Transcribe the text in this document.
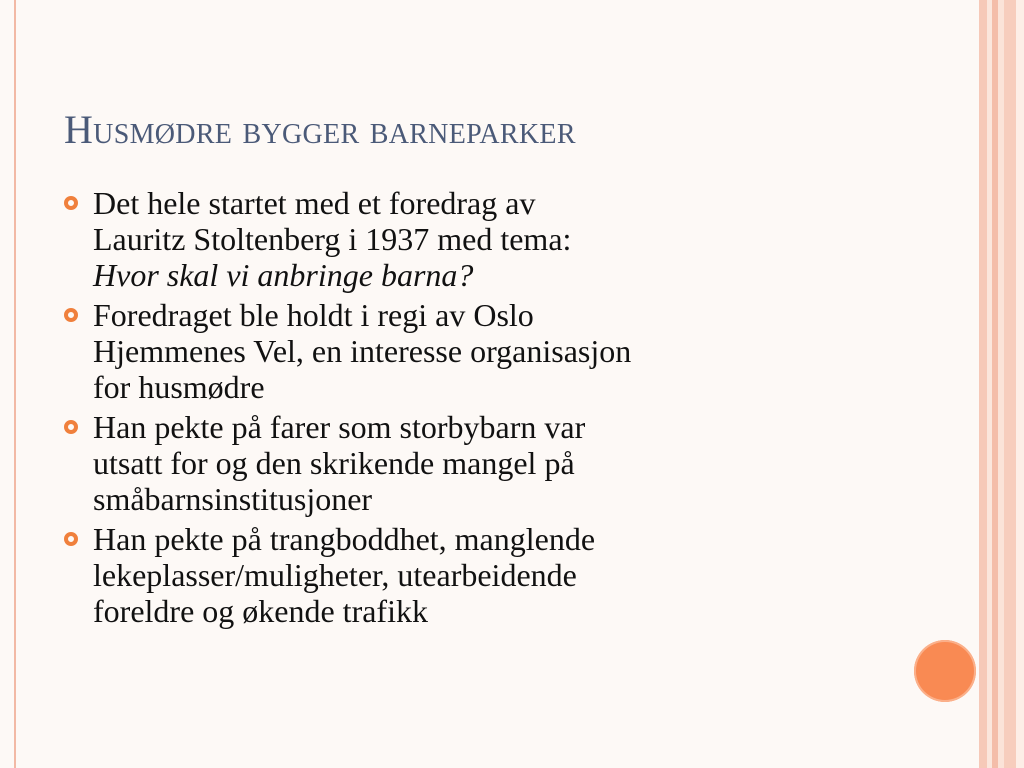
Husmødre bygger barneparker
Det hele startet med et foredrag av
Lauritz Stoltenberg i 1937 med tema:
Hvor skal vi anbringe barna?
Foredraget ble holdt i regi av Oslo
Hjemmenes Vel, en interesse organisasjon
for husmødre
Han pekte på farer som storbybarn var
utsatt for og den skrikende mangel på
småbarnsinstitusjoner
Han pekte på trangboddhet, manglende
lekeplasser/muligheter, utearbeidende
foreldre og økende trafikk
